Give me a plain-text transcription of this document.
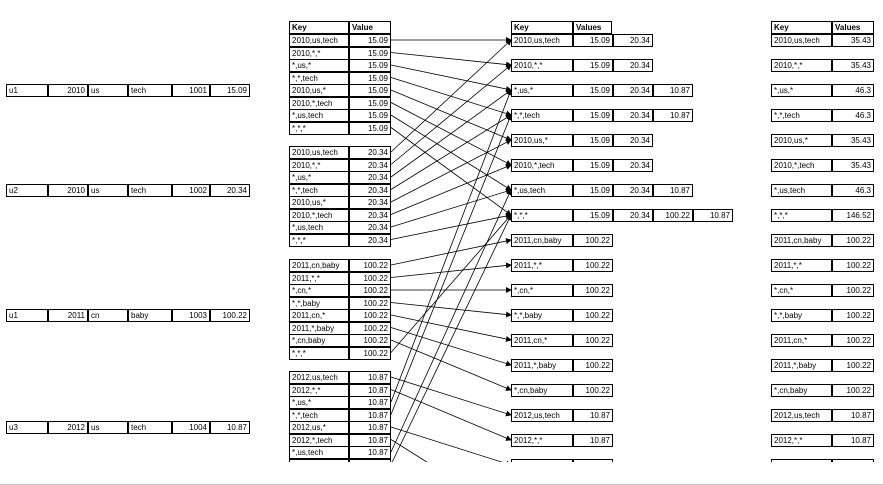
u1	2010 us	tech	1001	15.09
u2	2010 us	tech	1002	20.34
u1	2011 cn	baby	1003	100.22
u3	2012 us	tech	1004	10.87
Key	Value
2010,us,tech	15.09
2010,*,*	15.09
*,us,*	15.09
*,*,tech	15.09
2010,us,*	15.09
2010,*,tech	15.09
*,us,tech	15.09
*,*,*	15.09
2010,us,tech	20.34
2010,*,*	20.34
*,us,*	20.34
*,*,tech	20.34
2010,us,*	20.34
2010,*,tech	20.34
*,us,tech	20.34
*,*,*	20.34
2011,cn,baby	100.22
2011,*,*	100.22
*,cn,*	100.22
*,*,baby	100.22
2011,cn,*	100.22
2011,*,baby	100.22
*,cn,baby	100.22
*,*,*	100.22
2012,us,tech	10.87
2012,*,*	10.87
*,us,*	10.87
*,*,tech	10.87
2012,us,*	10.87
2012,*,tech	10.87
*,us,tech	10.87
Key	Values
2010,us,tech	15.09	20.34
2010,*,*	15.09	20.34
*,us,*	15.09	20.34	10.87
*,*,tech	15.09	20.34	10.87
2010,us,*	15.09	20.34
2010,*,tech	15.09	20.34
*,us,tech	15.09	20.34	10.87
*,*,*	15.09	20.34	100.22	10.87
2011,cn,baby	100.22
2011,*,*	100.22
*,cn,*	100.22
*,*,baby	100.22
2011,cn,*	100.22
2011,*,baby	100.22
*,cn,baby	100.22
2012,us,tech	10.87
2012,*,*	10.87
Key	Values
2010,us,tech	35.43
2010,*,*	35.43
*,us,*	46.3
*,*,tech	46.3
2010,us,*	35.43
2010,*,tech	35.43
*,us,tech	46.3
*,*,*	146.52
2011,cn,baby	100.22
2011,*,*	100.22
*,cn,*	100.22
*,*,baby	100.22
2011,cn,*	100.22
2011,*,baby	100.22
*,cn,baby	100.22
2012,us,tech	10.87
2012,*,*	10.87
